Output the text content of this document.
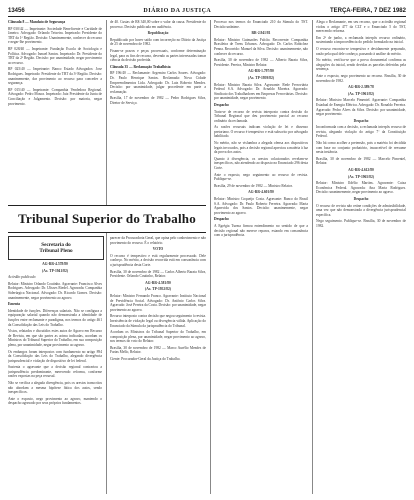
13456	DIÁRIO DA JUSTIÇA	TERÇA-FEIRA, 7 DEZ 1982

Cláusula 8 — Mandato de Segurança

RP 030/42 — Impetrante: Sociedade Beneficente e Caridade de Janeiro. Advogado: Orlando Teixeira. Impetrado: Presidente do TRT da 1ª Região. Decisão: Unanimemente, conhecer do recurso e negar-lhe provimento.

RP 028/40 — Impetrante: Fundação Escola de Sociologia e Política. Advogado: Ismael Santos. Impetrado: Dr. Presidente do TRT da 2ª Região. Decisão: por unanimidade, negar provimento ao recurso.

RP 025/40 — Impetrante: Banco Estado Advogados: Jose Rodrigues. Impetrado: Presidente do TRT da 3ª Região. Decisão: unanimemente, dar provimento ao recurso para conceder a segurança.

RP 015/40 — Impetrante: Companhia Vendedora Regional. Advogado: Pedro Moura. Impetrado: Juiz Presidente da Junta de Conciliação e Julgamento. Decisão: por maioria, negar provimento.

de 40. Custas de R$ 340,00 sobre o valor da causa. Presidente do processo. Decisão publicada em audiência.

Republicação

Republicado por haver saído com incorreção no Diário da Justiça de 25 de novembro de 1982.

Fixam-se prazos e peças processuais, conforme determinação legal, para os fins de recurso, devendo as partes interessadas tomar ciência da decisão proferida.

Cláusula 35 — Reclamação Trabalhista

RP 196/40 — Reclamante: Argemiro Carlos Soares. Advogado: Dr. Paulo Henrique Santos. Reclamada: Nova Cidade Empreendimentos Ltda. Advogado: Dr. Luiz Roberto Mendes. Decisão: por unanimidade, julgar procedente em parte a reclamação.

Brasília, 17 de novembro de 1982 — Pedro Rodrigues Silva, Diretor de Serviço.

Tribunal Superior do Trabalho
Secretaria do
Tribunal Pleno

AG-RR-4.578/80

(Ac. TP-1941/82)

Acórdão publicado

Relator: Ministro Orlando Coutinho. Agravante: Francisco Alves Rodrigues. Advogado: Dr. Ulisses Riedel. Agravada: Companhia Siderúrgica Nacional. Advogado: Dr. Ricardo Gomes. Decisão: unanimemente, negar provimento ao agravo.

Ementa

Identidade de funções. Diferenças salariais. Não se configura a equiparação salarial quando não demonstrada a identidade de funções entre reclamante e paradigma, nos termos do artigo 461 da Consolidação das Leis do Trabalho.

Vistos, relatados e discutidos estes autos de Agravo em Recurso de Revista, em que são partes as acima indicadas, acordam os Ministros do Tribunal Superior do Trabalho, em sua composição plena, por unanimidade, negar provimento ao agravo.

Os embargos foram interpostos com fundamento no artigo 894 da Consolidação das Leis do Trabalho, alegando divergência jurisprudencial e violação de dispositivo de lei federal.

Sustenta o agravante que a decisão regional contrariou a jurisprudência predominante, merecendo reforma, conforme razões expostas na peça recursal.

Não se verifica a alegada divergência, pois os arestos transcritos não abordam a mesma hipótese fática dos autos, sendo inespecíficos.

Ante o exposto, nego provimento ao agravo, mantendo o despacho agravado por seus próprios fundamentos.

parecer da Procuradoria Geral, que opina pelo conhecimento e não provimento do recurso. É o relatório.

VOTO

O recurso é tempestivo e está regularmente processado. Dele conheço. No mérito, a decisão recorrida está em consonância com a jurisprudência desta Corte.

Brasília, 30 de novembro de 1982 — Carlos Alberto Barata Silva, Presidente. Orlando Coutinho, Relator.

AG-RR-4.581/80

(Ac. TP-1952/82)

Relator: Ministro Fernando Franco. Agravante: Instituto Nacional de Previdência Social. Advogado: Dr. Antônio Carlos Silva. Agravado: José Pereira da Costa. Decisão: por unanimidade, negar provimento ao agravo.

Recurso interposto contra decisão que negou seguimento à revista. Inexistência de violação legal ou divergência válida. Aplicação do Enunciado da Súmula da jurisprudência do Tribunal.

Acordam os Ministros do Tribunal Superior do Trabalho, em composição plena, por unanimidade, negar provimento ao agravo, nos termos do voto do Relator.

Brasília, 30 de novembro de 1982 — Marco Aurélio Mendes de Farias Mello, Relator.

Ciente: Procurador-Geral da Justiça do Trabalho.

Processo nos termos do Enunciado 210 da Súmula do TST. Decisão unânime.

RR-2.941/81

Relator: Ministro Guimarães Falcão. Recorrente: Companhia Brasileira de Trens Urbanos. Advogado: Dr. Carlos Robichez Penna. Recorrido: Manuel da Silva. Decisão: unanimemente, não conhecer do recurso.

Brasília, 30 de novembro de 1982 — Alberto Barata Silva, Presidente. Pereira, Ministro Relator.

AG-RR-1.797/80

(Ac. TP-1959/82)

Relator: Ministro Barata Silva. Agravante: Rede Ferroviária Federal S.A. Advogado: Dr. Arnaldo Moreira. Agravado: Sindicato dos Trabalhadores em Empresas Ferroviárias. Decisão: por unanimidade, negar provimento.

Despacho

Trata-se de recurso de revista interposto contra decisão do Tribunal Regional que deu provimento parcial ao recurso ordinário da reclamada.

As razões recursais indicam violação de lei e dissenso pretoriano. O recurso é tempestivo e está subscrito por advogado habilitado.

No mérito, não se vislumbra a alegada ofensa aos dispositivos legais invocados, pois a decisão regional apreciou a matéria à luz da prova dos autos.

Quanto à divergência, os arestos colacionados revelam-se inespecíficos, não atendendo ao disposto no Enunciado 296 desta Corte.

Ante o exposto, nego seguimento ao recurso de revista. Publique-se.

Brasília, 29 de novembro de 1982 — Ministro Relator.

AG-RR-4.601/80

Relator: Ministro Coqueijo Costa. Agravante: Banco do Brasil S.A. Advogado: Dr. Paulo Roberto Ferreira. Agravada: Maria Aparecida dos Santos. Decisão: unanimemente, negar provimento ao agravo.

Despacho

A Egrégia Turma firmou entendimento no sentido de que a decisão regional não merece reparos, estando em consonância com a jurisprudência.

Alega o Reclamante, em seu recurso, que o acórdão regional violou o artigo 477 da CLT e o Enunciado 5 do TST, merecendo reforma.

Em 2ª de junho, a reclamada interpôs recurso ordinário, sustentando a improcedência do pedido formulado na inicial.

O recurso encontra-se tempestivo e devidamente preparado, razão pela qual dele conheço, passando à análise do mérito.

No mérito, verifica-se que a prova documental confirma as alegações da inicial, sendo devidas as parcelas deferidas pela sentença.

Ante o exposto, nego provimento ao recurso. Brasília, 30 de novembro de 1982.

AG-RR-2.389/78

(Ac. TP-1961/82)

Relator: Ministro Marcelo Pimentel. Agravante: Companhia Estadual de Energia Elétrica. Advogado: Dr. Ronaldo Ferreira. Agravado: Pedro Alves da Silva. Decisão: por unanimidade, negar provimento.

Despacho

Inconformada com a decisão, a reclamada interpôs recurso de revista, alegando violação do artigo 7º da Constituição Federal.

Não há como acolher a pretensão, pois a matéria foi decidida com base no conjunto probatório, insuscetível de reexame nesta instância.

Brasília, 30 de novembro de 1982 — Marcelo Pimentel, Relator.

AG-RR-4.612/80

(Ac. TP-1965/82)

Relator: Ministro Ildélio Martins. Agravante: Caixa Econômica Federal. Agravada: Ana Maria Rodrigues. Decisão: unanimemente, negar provimento ao agravo.

Despacho

O recurso de revista não reúne condições de admissibilidade, uma vez que não demonstrada a divergência jurisprudencial específica.

Nego seguimento. Publique-se. Brasília, 30 de novembro de 1982.
